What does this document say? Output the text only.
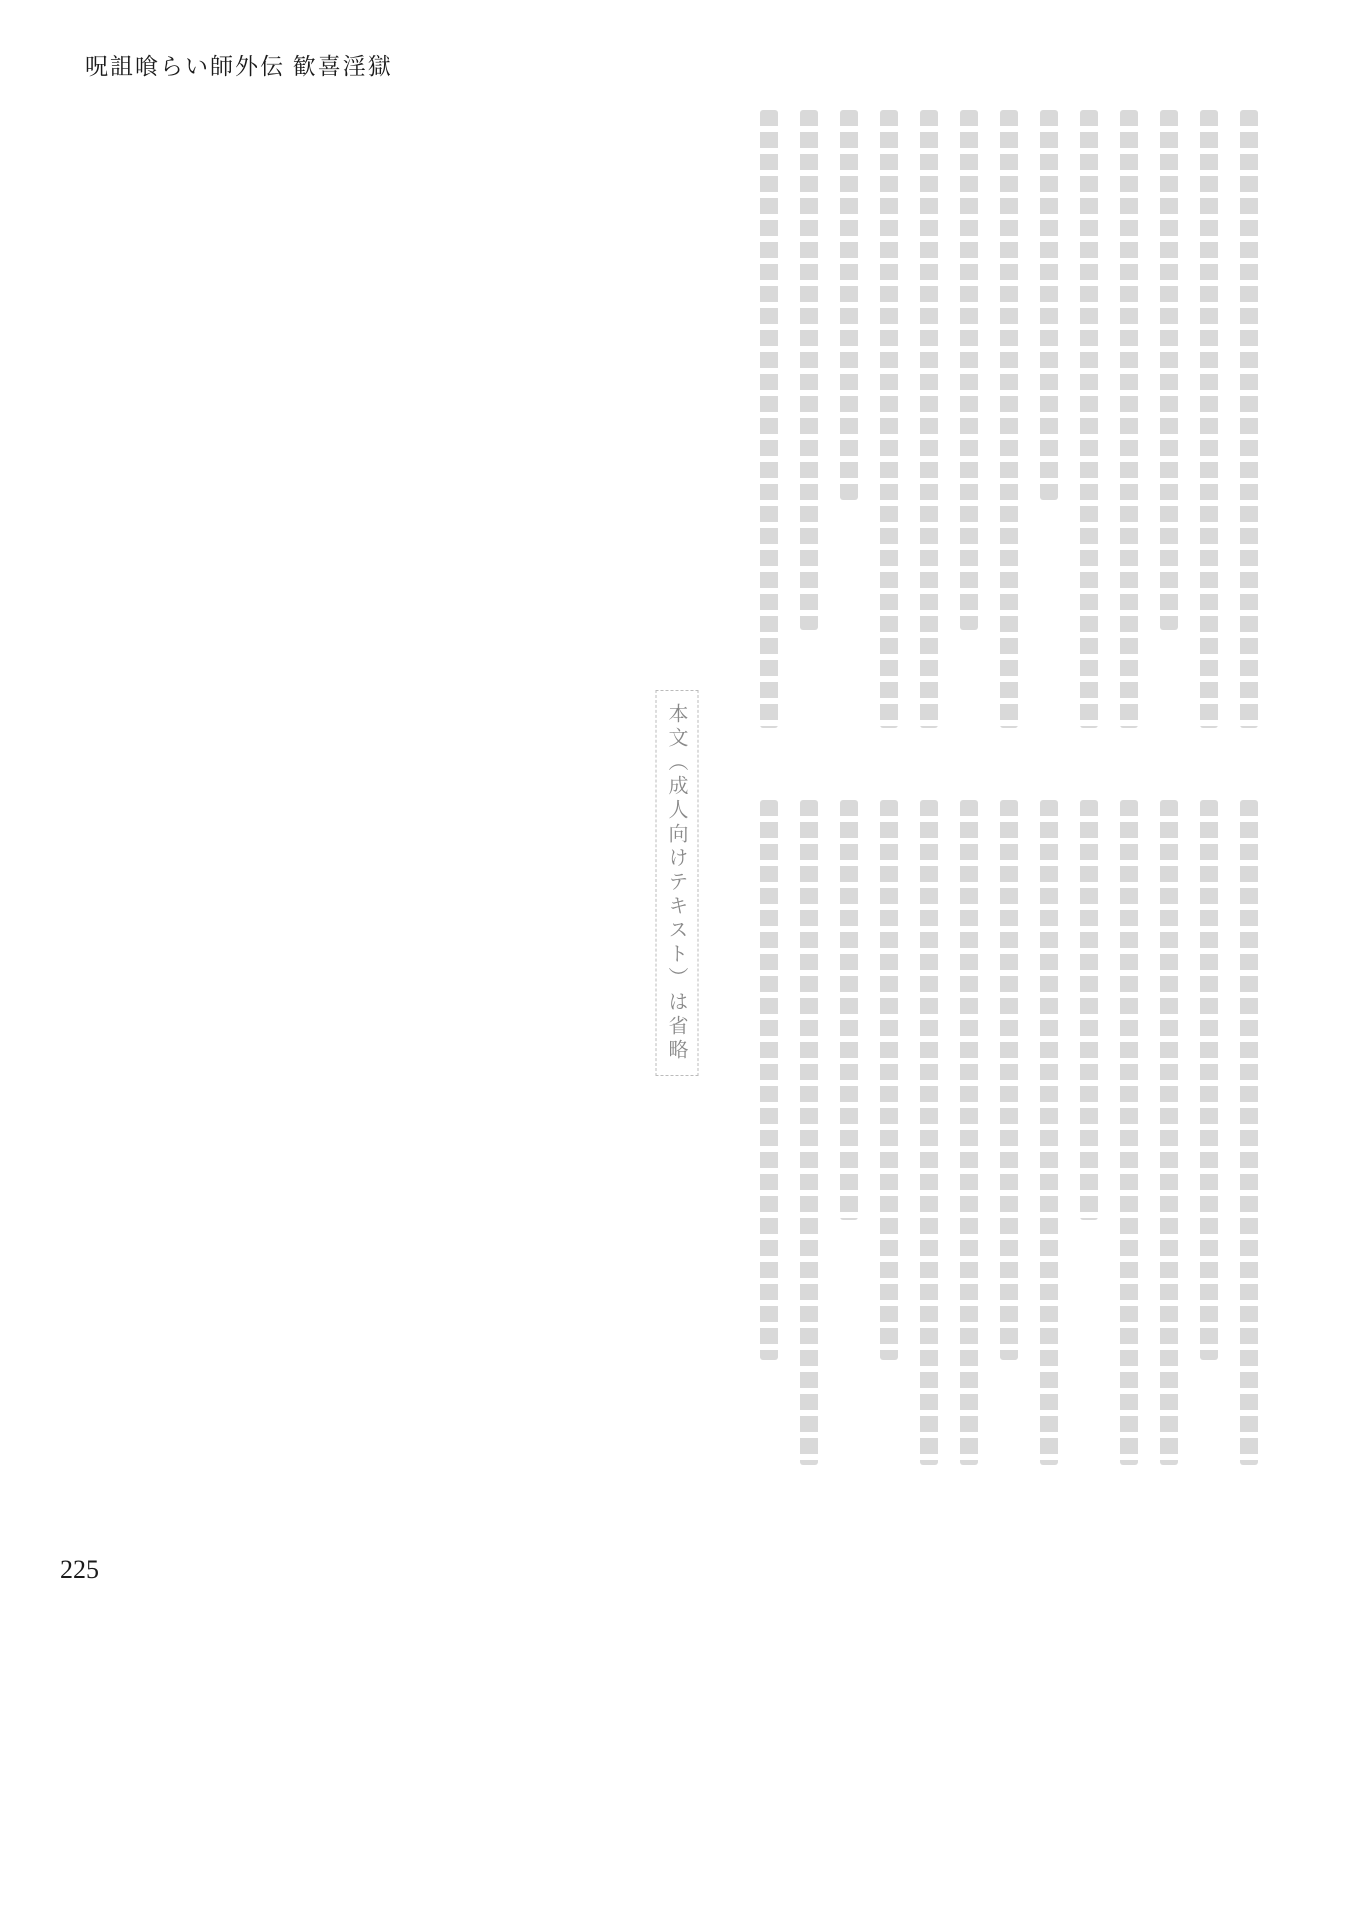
呪詛喰らい師外伝 歓喜淫獄
本文（成人向けテキスト）は省略
225
